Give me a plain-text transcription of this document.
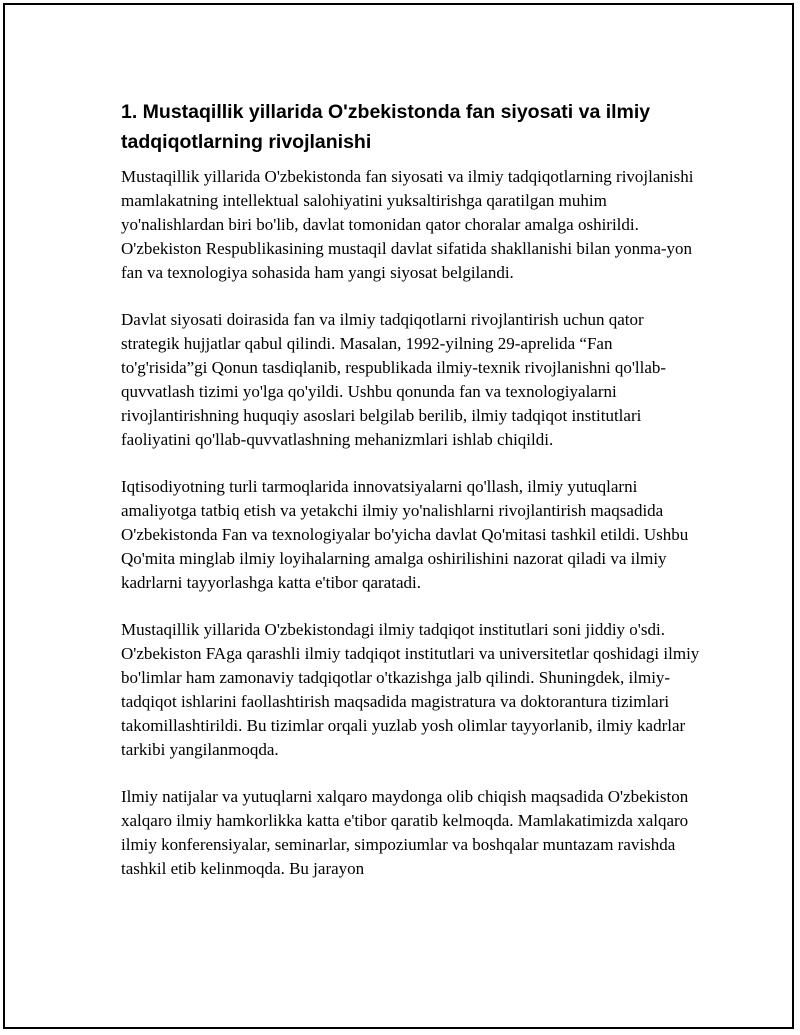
1. Mustaqillik yillarida O'zbekistonda fan siyosati va ilmiy tadqiqotlarning rivojlanishi

Mustaqillik yillarida O'zbekistonda fan siyosati va ilmiy tadqiqotlarning rivojlanishi mamlakatning intellektual salohiyatini yuksaltirishga qaratilgan muhim yo'nalishlardan biri bo'lib, davlat tomonidan qator choralar amalga oshirildi. O'zbekiston Respublikasining mustaqil davlat sifatida shakllanishi bilan yonma-yon fan va texnologiya sohasida ham yangi siyosat belgilandi.

Davlat siyosati doirasida fan va ilmiy tadqiqotlarni rivojlantirish uchun qator strategik hujjatlar qabul qilindi. Masalan, 1992-yilning 29-aprelida “Fan to'g'risida”gi Qonun tasdiqlanib, respublikada ilmiy-texnik rivojlanishni qo'llab-quvvatlash tizimi yo'lga qo'yildi. Ushbu qonunda fan va texnologiyalarni rivojlantirishning huquqiy asoslari belgilab berilib, ilmiy tadqiqot institutlari faoliyatini qo'llab-quvvatlashning mehanizmlari ishlab chiqildi.

Iqtisodiyotning turli tarmoqlarida innovatsiyalarni qo'llash, ilmiy yutuqlarni amaliyotga tatbiq etish va yetakchi ilmiy yo'nalishlarni rivojlantirish maqsadida O'zbekistonda Fan va texnologiyalar bo'yicha davlat Qo'mitasi tashkil etildi. Ushbu Qo'mita minglab ilmiy loyihalarning amalga oshirilishini nazorat qiladi va ilmiy kadrlarni tayyorlashga katta e'tibor qaratadi.

Mustaqillik yillarida O'zbekistondagi ilmiy tadqiqot institutlari soni jiddiy o'sdi. O'zbekiston FAga qarashli ilmiy tadqiqot institutlari va universitetlar qoshidagi ilmiy bo'limlar ham zamonaviy tadqiqotlar o'tkazishga jalb qilindi. Shuningdek, ilmiy-tadqiqot ishlarini faollashtirish maqsadida magistratura va doktorantura tizimlari takomillashtirildi. Bu tizimlar orqali yuzlab yosh olimlar tayyorlanib, ilmiy kadrlar tarkibi yangilanmoqda.

Ilmiy natijalar va yutuqlarni xalqaro maydonga olib chiqish maqsadida O'zbekiston xalqaro ilmiy hamkorlikka katta e'tibor qaratib kelmoqda. Mamlakatimizda xalqaro ilmiy konferensiyalar, seminarlar, simpoziumlar va boshqalar muntazam ravishda tashkil etib kelinmoqda. Bu jarayon
